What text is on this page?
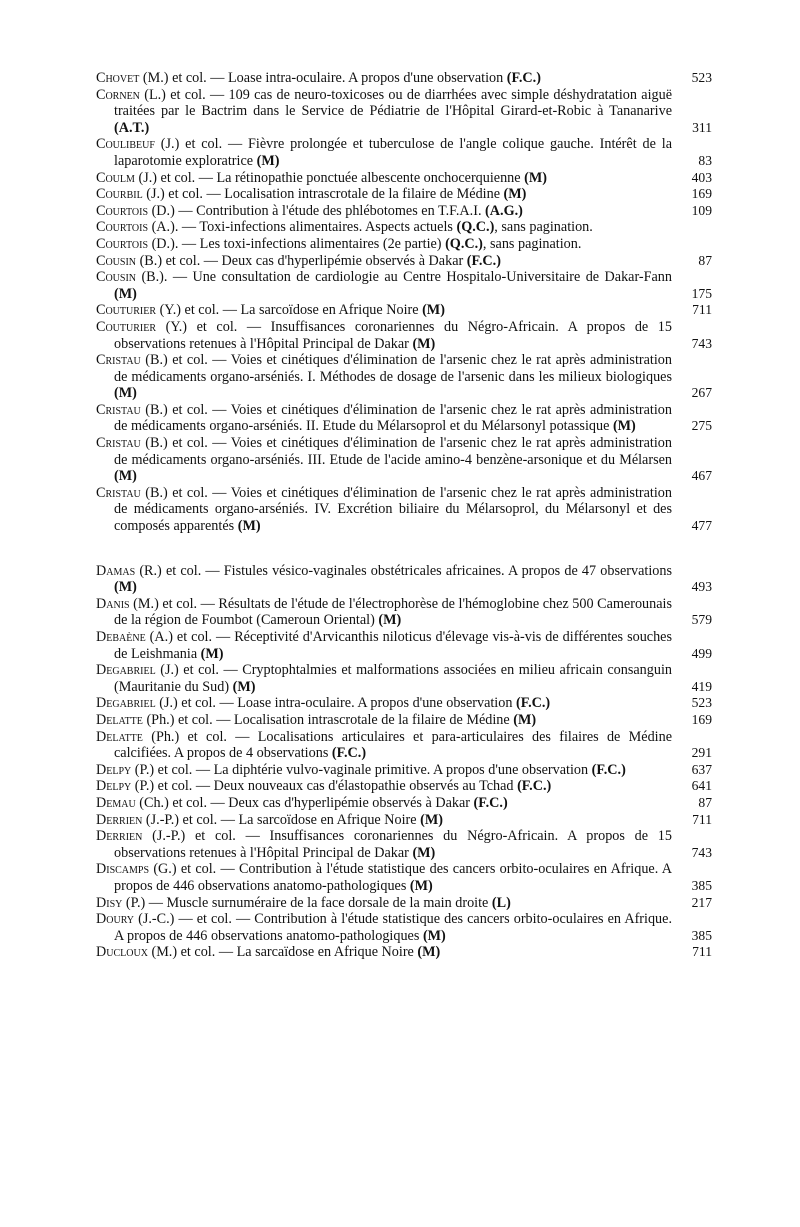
Chovet (M.) et col. — Loase intra-oculaire. A propos d'une observation (F.C.)	523
Cornen (L.) et col. — 109 cas de neuro-toxicoses ou de diarrhées avec simple déshydratation aiguë traitées par le Bactrim dans le Service de Pédiatrie de l'Hôpital Girard-et-Robic à Tananarive (A.T.)	311
Coulibeuf (J.) et col. — Fièvre prolongée et tuberculose de l'angle colique gauche. Intérêt de la laparotomie exploratrice (M)	83
Coulm (J.) et col. — La rétinopathie ponctuée albescente onchocerquienne (M)	403
Courbil (J.) et col. — Localisation intrascrotale de la filaire de Médine (M)	169
Courtois (D.) — Contribution à l'étude des phlébotomes en T.F.A.I. (A.G.)	109
Courtois (A.). — Toxi-infections alimentaires. Aspects actuels (Q.C.), sans pagination.
Courtois (D.). — Les toxi-infections alimentaires (2e partie) (Q.C.), sans pagination.
Cousin (B.) et col. — Deux cas d'hyperlipémie observés à Dakar (F.C.)	87
Cousin (B.). — Une consultation de cardiologie au Centre Hospitalo-Universitaire de Dakar-Fann (M)	175
Couturier (Y.) et col. — La sarcoïdose en Afrique Noire (M)	711
Couturier (Y.) et col. — Insuffisances coronariennes du Négro-Africain. A propos de 15 observations retenues à l'Hôpital Principal de Dakar (M)	743
Cristau (B.) et col. — Voies et cinétiques d'élimination de l'arsenic chez le rat après administration de médicaments organo-arséniés. I. Méthodes de dosage de l'arsenic dans les milieux biologiques (M)	267
Cristau (B.) et col. — Voies et cinétiques d'élimination de l'arsenic chez le rat après administration de médicaments organo-arséniés. II. Etude du Mélarsoprol et du Mélarsonyl potassique (M)	275
Cristau (B.) et col. — Voies et cinétiques d'élimination de l'arsenic chez le rat après administration de médicaments organo-arséniés. III. Etude de l'acide amino-4 benzène-arsonique et du Mélarsen (M)	467
Cristau (B.) et col. — Voies et cinétiques d'élimination de l'arsenic chez le rat après administration de médicaments organo-arséniés. IV. Excrétion biliaire du Mélarsoprol, du Mélarsonyl et des composés apparentés (M)	477
Damas (R.) et col. — Fistules vésico-vaginales obstétricales africaines. A propos de 47 observations (M)	493
Danis (M.) et col. — Résultats de l'étude de l'électrophorèse de l'hémoglobine chez 500 Camerounais de la région de Foumbot (Cameroun Oriental) (M)	579
Debaène (A.) et col. — Réceptivité d'Arvicanthis niloticus d'élevage vis-à-vis de différentes souches de Leishmania (M)	499
Degabriel (J.) et col. — Cryptophtalmies et malformations associées en milieu africain consanguin (Mauritanie du Sud) (M)	419
Degabriel (J.) et col. — Loase intra-oculaire. A propos d'une observation (F.C.)	523
Delatte (Ph.) et col. — Localisation intrascrotale de la filaire de Médine (M)	169
Delatte (Ph.) et col. — Localisations articulaires et para-articulaires des filaires de Médine calcifiées. A propos de 4 observations (F.C.)	291
Delpy (P.) et col. — La diphtérie vulvo-vaginale primitive. A propos d'une observation (F.C.)	637
Delpy (P.) et col. — Deux nouveaux cas d'élastopathie observés au Tchad (F.C.)	641
Demau (Ch.) et col. — Deux cas d'hyperlipémie observés à Dakar (F.C.)	87
Derrien (J.-P.) et col. — La sarcoïdose en Afrique Noire (M)	711
Derrien (J.-P.) et col. — Insuffisances coronariennes du Négro-Africain. A propos de 15 observations retenues à l'Hôpital Principal de Dakar (M)	743
Discamps (G.) et col. — Contribution à l'étude statistique des cancers orbito-oculaires en Afrique. A propos de 446 observations anatomo-pathologiques (M)	385
Disy (P.) — Muscle surnuméraire de la face dorsale de la main droite (L)	217
Doury (J.-C.) — et col. — Contribution à l'étude statistique des cancers orbito-oculaires en Afrique. A propos de 446 observations anatomo-pathologiques (M)	385
Ducloux (M.) et col. — La sarcaïdose en Afrique Noire (M)	711
